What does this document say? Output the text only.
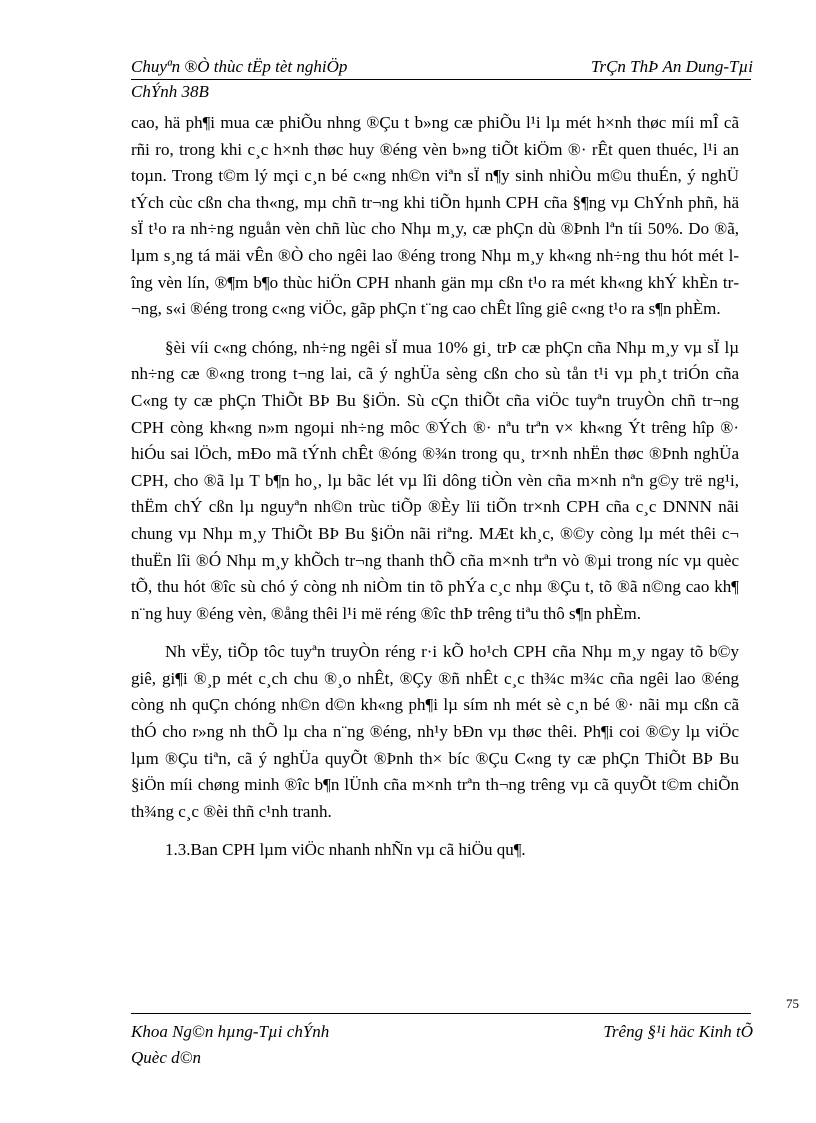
Chuyªn ®Ò thùc tËp tèt nghiÖp	TrÇn ThÞ An Dung-Tµi
ChÝnh 38B

cao, hä ph¶i mua cæ phiÕu nhng ®Çu t b»ng cæ phiÕu l¹i lµ mét h×nh thøc míi mÎ cã rñi ro, trong khi c¸c h×nh thøc huy ®éng vèn b»ng tiÕt kiÖm ®· rÊt quen thuéc, l¹i an toµn. Trong t©m lý mçi c¸n bé c«ng nh©n viªn sÏ n¶y sinh nhiÒu m©u thuÉn, ý nghÜ tÝch cùc cßn cha th«ng, mµ chñ tr¬ng khi tiÕn hµnh CPH cña §¶ng vµ ChÝnh phñ, hä sÏ t¹o ra nh÷ng nguån vèn chñ lùc cho Nhµ m¸y, cæ phÇn dù ®Þnh lªn tíi 50%. Do ®ã, lµm s¸ng tá mäi vÊn ®Ò cho ngêi lao ®éng trong Nhµ m¸y kh«ng nh÷ng thu hót mét lîng vèn lín, ®¶m b¶o thùc hiÖn CPH nhanh gän mµ cßn t¹o ra mét kh«ng khÝ khÈn tr¬ng, s«i ®éng trong c«ng viÖc, gãp phÇn t¨ng cao chÊt lîng giê c«ng t¹o ra s¶n phÈm.

§èi víi c«ng chóng, nh÷ng ngêi sÏ mua 10% gi¸ trÞ cæ phÇn cña Nhµ m¸y vµ sÏ lµ nh÷ng cæ ®«ng trong t¬ng lai, cã ý nghÜa sèng cßn cho sù tån t¹i vµ ph¸t triÓn cña C«ng ty cæ phÇn ThiÕt BÞ Bu §iÖn. Sù cÇn thiÕt cña viÖc tuyªn truyÒn chñ tr¬ng CPH còng kh«ng n»m ngoµi nh÷ng môc ®Ých ®· nªu trªn v× kh«ng Ýt trêng hîp ®· hiÓu sai lÖch, mÐo mã tÝnh chÊt ®óng ®¾n trong qu¸ tr×nh nhËn thøc ®Þnh nghÜa CPH, cho ®ã lµ T b¶n ho¸, lµ bãc lét vµ lîi dông tiÒn vèn cña m×nh nªn g©y trë ng¹i, thËm chÝ cßn lµ nguyªn nh©n trùc tiÕp ®Èy lïi tiÕn tr×nh CPH cña c¸c DNNN nãi chung vµ Nhµ m¸y ThiÕt BÞ Bu §iÖn nãi riªng. MÆt kh¸c, ®©y còng lµ mét thêi c¬ thuËn lîi ®Ó Nhµ m¸y khÕch tr¬ng thanh thÕ cña m×nh trªn vò ®µi trong níc vµ quèc tÕ, thu hót ®îc sù chó ý còng nh niÒm tin tõ phÝa c¸c nhµ ®Çu t, tõ ®ã n©ng cao kh¶ n¨ng huy ®éng vèn, ®ång thêi l¹i më réng ®îc thÞ trêng tiªu thô s¶n phÈm.

Nh vËy, tiÕp tôc tuyªn truyÒn réng r·i kÕ ho¹ch CPH cña Nhµ m¸y ngay tõ b©y giê, gi¶i ®¸p mét c¸ch chu ®¸o nhÊt, ®Çy ®ñ nhÊt c¸c th¾c m¾c cña ngêi lao ®éng còng nh quÇn chóng nh©n d©n kh«ng ph¶i lµ sím nh mét sè c¸n bé ®· nãi mµ cßn cã thÓ cho r»ng nh thÕ lµ cha n¨ng ®éng, nh¹y bÐn vµ thøc thêi. Ph¶i coi ®©y lµ viÖc lµm ®Çu tiªn, cã ý nghÜa quyÕt ®Þnh th× bíc ®Çu C«ng ty cæ phÇn ThiÕt BÞ Bu §iÖn míi chøng minh ®îc b¶n lÜnh cña m×nh trªn th¬ng trêng vµ cã quyÕt t©m chiÕn th¾ng c¸c ®èi thñ c¹nh tranh.

1.3.Ban CPH lµm viÖc nhanh nhÑn vµ cã hiÖu qu¶.

75
Khoa Ng©n hµng-Tµi chÝnh	Trêng §¹i häc Kinh tÕ
Quèc d©n
